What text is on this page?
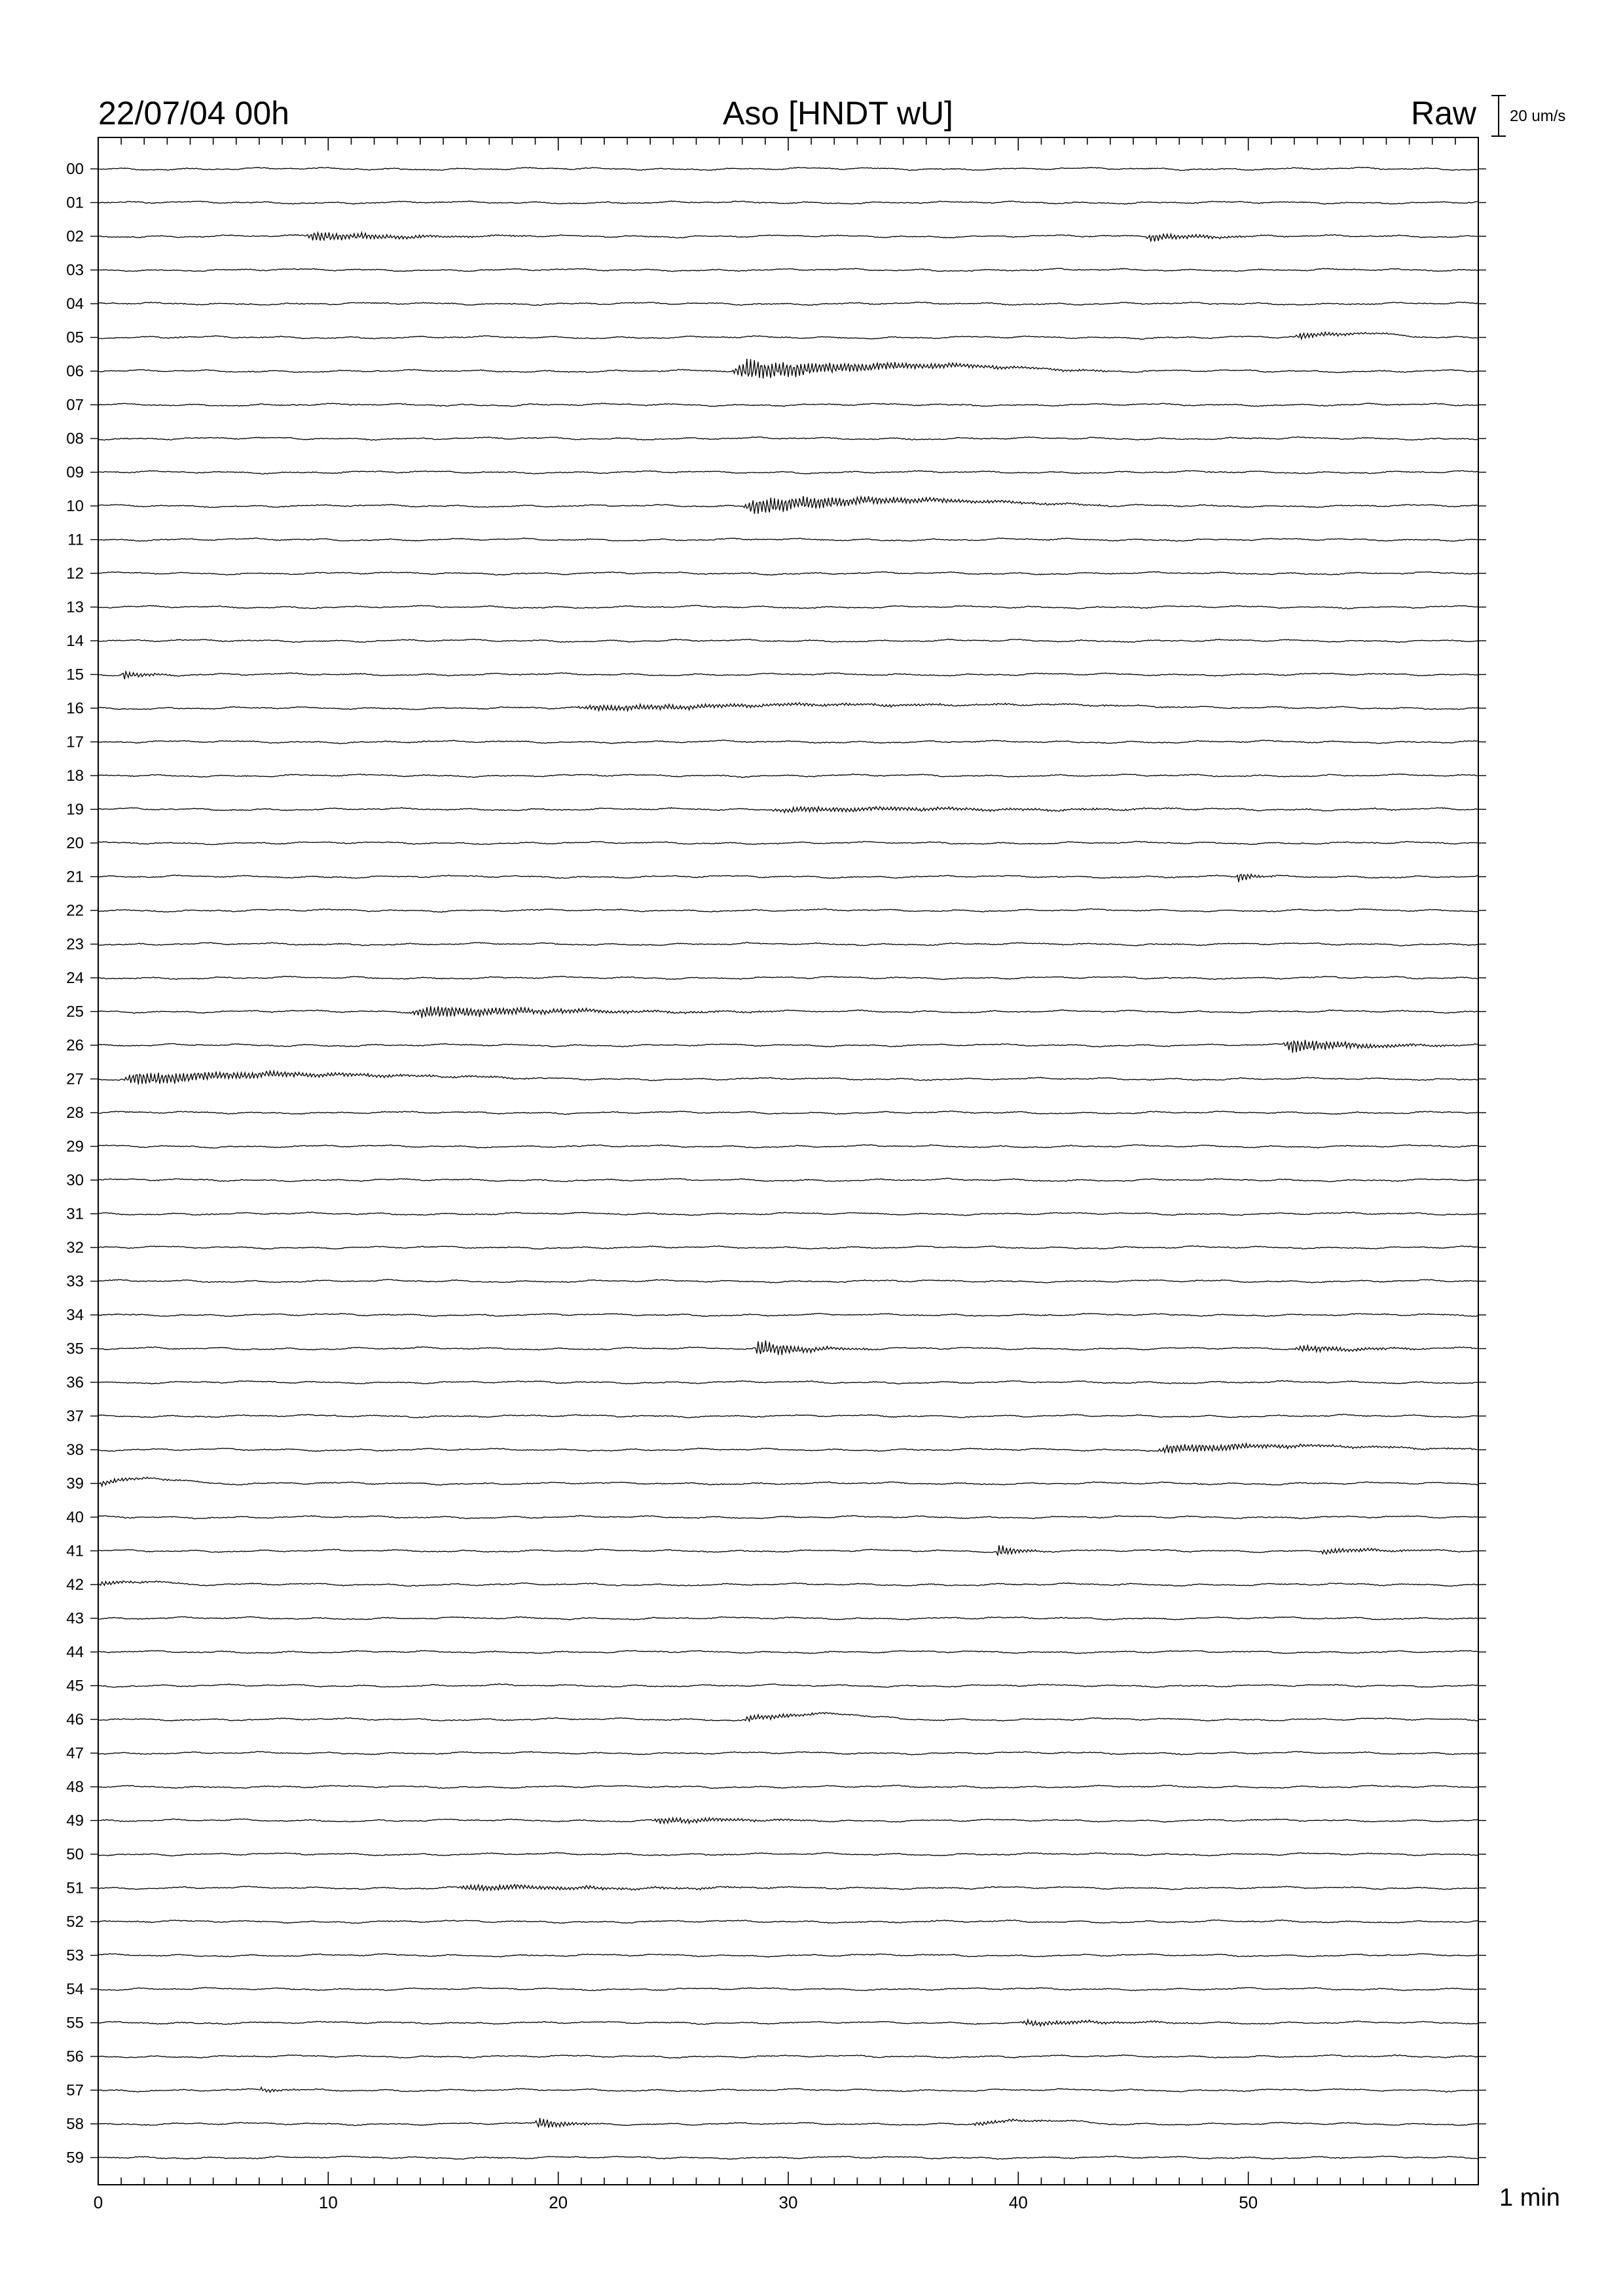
22/07/04 00h	Aso [HNDT wU]	Raw 20 um/s
00
01
02
03
04
05
06
07
08
09
10
11
12
13
14
15
16
17
18
19
20
21
22
23
24
25
26
27
28
29
30
31
32
33
34
35
36
37
38
39
40
41
42
43
44
45
46
47
48
49
50
51
52
53
54
55
56
57
58
59
0	10	20	30	40	50	1 min
